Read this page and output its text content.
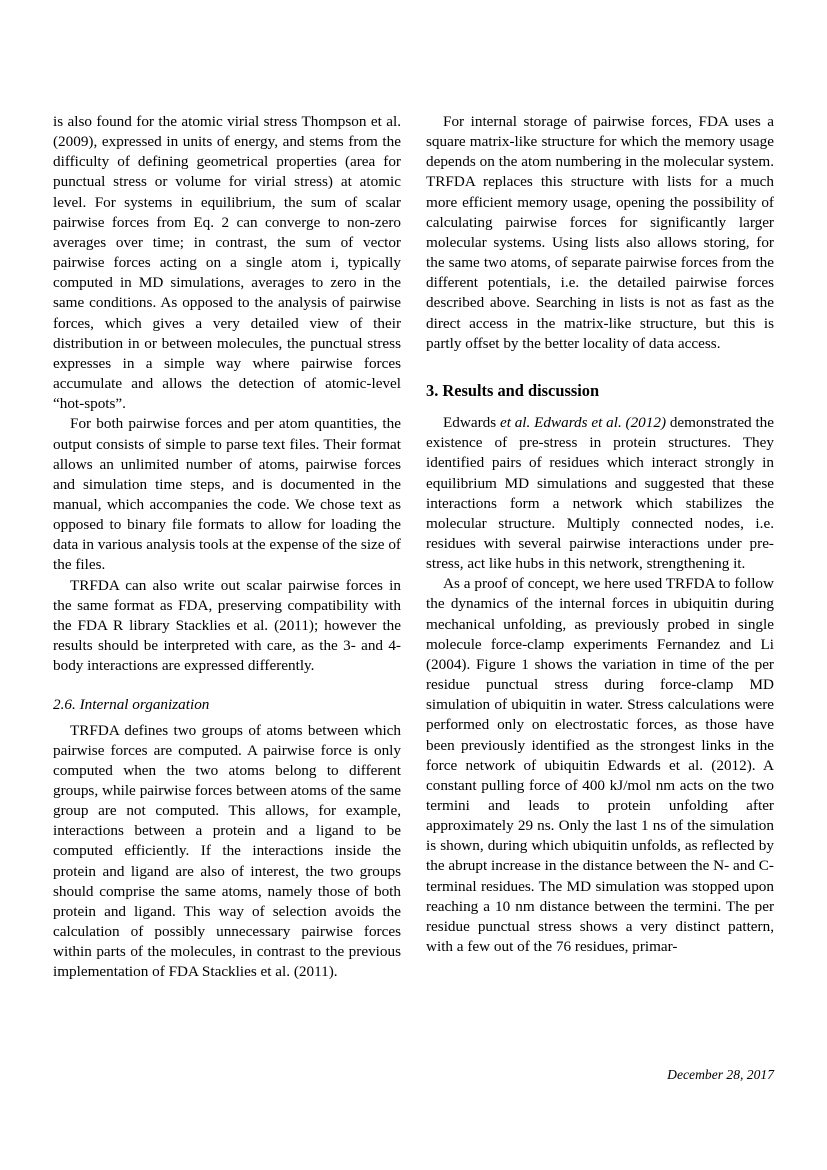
is also found for the atomic virial stress Thompson et al. (2009), expressed in units of energy, and stems from the difficulty of defining geometrical properties (area for punctual stress or volume for virial stress) at atomic level. For systems in equilibrium, the sum of scalar pairwise forces from Eq. 2 can converge to non-zero averages over time; in contrast, the sum of vector pairwise forces acting on a single atom i, typically computed in MD simulations, averages to zero in the same conditions. As opposed to the analysis of pairwise forces, which gives a very detailed view of their distribution in or between molecules, the punctual stress expresses in a simple way where pairwise forces accumulate and allows the detection of atomic-level “hot-spots”.

For both pairwise forces and per atom quantities, the output consists of simple to parse text files. Their format allows an unlimited number of atoms, pairwise forces and simulation time steps, and is documented in the manual, which accompanies the code. We chose text as opposed to binary file formats to allow for loading the data in various analysis tools at the expense of the size of the files.

TRFDA can also write out scalar pairwise forces in the same format as FDA, preserving compatibility with the FDA R library Stacklies et al. (2011); however the results should be interpreted with care, as the 3- and 4-body interactions are expressed differently.

2.6. Internal organization

TRFDA defines two groups of atoms between which pairwise forces are computed. A pairwise force is only computed when the two atoms belong to different groups, while pairwise forces between atoms of the same group are not computed. This allows, for example, interactions between a protein and a ligand to be computed efficiently. If the interactions inside the protein and ligand are also of interest, the two groups should comprise the same atoms, namely those of both protein and ligand. This way of selection avoids the calculation of possibly unnecessary pairwise forces within parts of the molecules, in contrast to the previous implementation of FDA Stacklies et al. (2011).

For internal storage of pairwise forces, FDA uses a square matrix-like structure for which the memory usage depends on the atom numbering in the molecular system. TRFDA replaces this structure with lists for a much more efficient memory usage, opening the possibility of calculating pairwise forces for significantly larger molecular systems. Using lists also allows storing, for the same two atoms, of separate pairwise forces from the different potentials, i.e. the detailed pairwise forces described above. Searching in lists is not as fast as the direct access in the matrix-like structure, but this is partly offset by the better locality of data access.

3. Results and discussion

Edwards et al. Edwards et al. (2012) demonstrated the existence of pre-stress in protein structures. They identified pairs of residues which interact strongly in equilibrium MD simulations and suggested that these interactions form a network which stabilizes the molecular structure. Multiply connected nodes, i.e. residues with several pairwise interactions under pre-stress, act like hubs in this network, strengthening it.

As a proof of concept, we here used TRFDA to follow the dynamics of the internal forces in ubiquitin during mechanical unfolding, as previously probed in single molecule force-clamp experiments Fernandez and Li (2004). Figure 1 shows the variation in time of the per residue punctual stress during force-clamp MD simulation of ubiquitin in water. Stress calculations were performed only on electrostatic forces, as those have been previously identified as the strongest links in the force network of ubiquitin Edwards et al. (2012). A constant pulling force of 400 kJ/mol nm acts on the two termini and leads to protein unfolding after approximately 29 ns. Only the last 1 ns of the simulation is shown, during which ubiquitin unfolds, as reflected by the abrupt increase in the distance between the N- and C-terminal residues. The MD simulation was stopped upon reaching a 10 nm distance between the termini. The per residue punctual stress shows a very distinct pattern, with a few out of the 76 residues, primar-

December 28, 2017
